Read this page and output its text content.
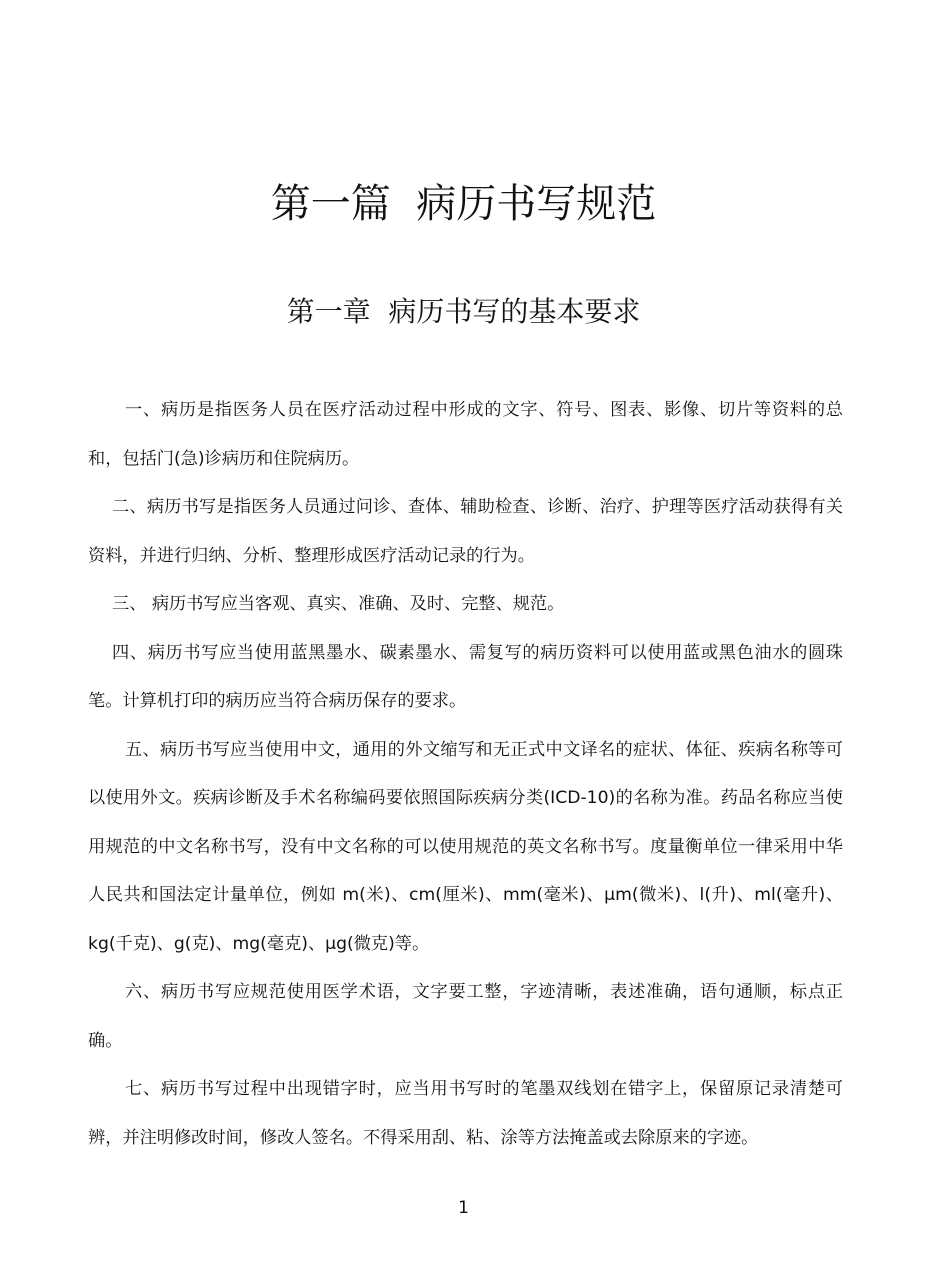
第一篇  病历书写规范
第一章  病历书写的基本要求

一、病历是指医务人员在医疗活动过程中形成的文字、符号、图表、影像、切片等资料的总和，包括门(急)诊病历和住院病历。

二、病历书写是指医务人员通过问诊、查体、辅助检查、诊断、治疗、护理等医疗活动获得有关资料，并进行归纳、分析、整理形成医疗活动记录的行为。

三、 病历书写应当客观、真实、准确、及时、完整、规范。

四、病历书写应当使用蓝黑墨水、碳素墨水、需复写的病历资料可以使用蓝或黑色油水的圆珠笔。计算机打印的病历应当符合病历保存的要求。

五、病历书写应当使用中文，通用的外文缩写和无正式中文译名的症状、体征、疾病名称等可以使用外文。疾病诊断及手术名称编码要依照国际疾病分类(ICD-10)的名称为准。药品名称应当使用规范的中文名称书写，没有中文名称的可以使用规范的英文名称书写。度量衡单位一律采用中华人民共和国法定计量单位，例如 m(米)、cm(厘米)、mm(毫米)、μm(微米)、l(升)、ml(毫升)、kg(千克)、g(克)、mg(毫克)、μg(微克)等。

六、病历书写应规范使用医学术语，文字要工整，字迹清晰，表述准确，语句通顺，标点正确。

七、病历书写过程中出现错字时，应当用书写时的笔墨双线划在错字上，保留原记录清楚可辨，并注明修改时间，修改人签名。不得采用刮、粘、涂等方法掩盖或去除原来的字迹。

1
